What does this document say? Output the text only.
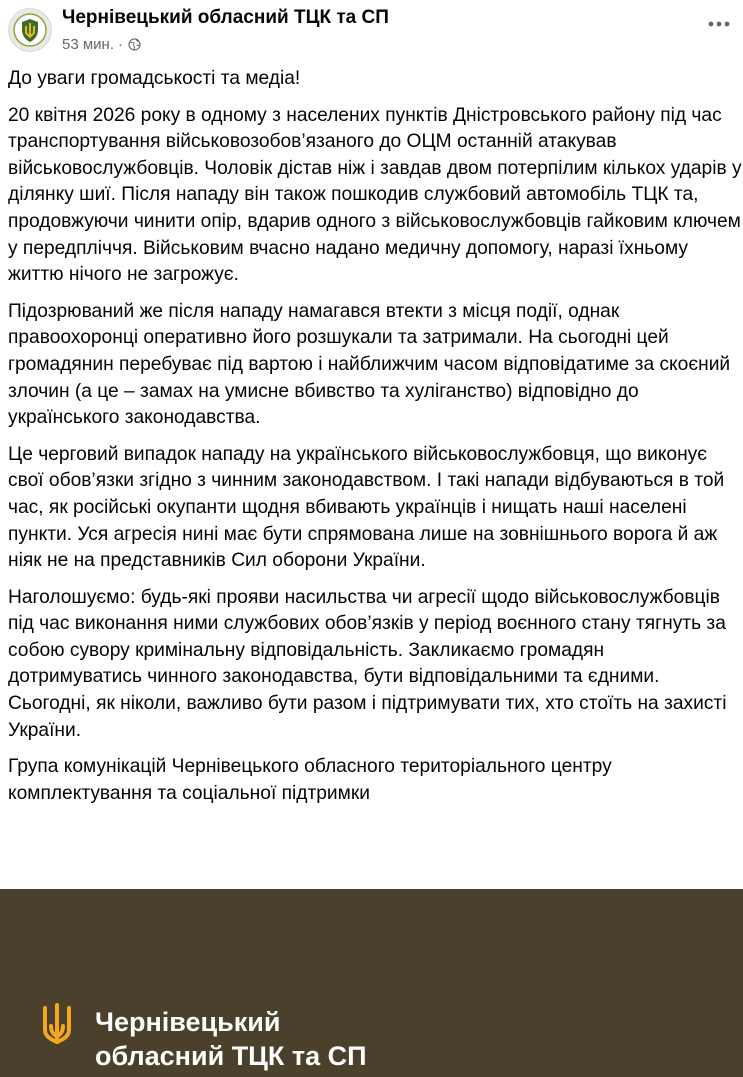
Чернівецький обласний ТЦК та СП
53 мин. ·

До уваги громадськості та медіа!

20 квітня 2026 року в одному з населених пунктів Дністровського району під час транспортування військовозобов’язаного до ОЦМ останній атакував військовослужбовців. Чоловік дістав ніж і завдав двом потерпілим кількох ударів у ділянку шиї. Після нападу він також пошкодив службовий автомобіль ТЦК та, продовжуючи чинити опір, вдарив одного з військовослужбовців гайковим ключем у передпліччя. Військовим вчасно надано медичну допомогу, наразі їхньому життю нічого не загрожує.

Підозрюваний же після нападу намагався втекти з місця події, однак правоохоронці оперативно його розшукали та затримали. На сьогодні цей громадянин перебуває під вартою і найближчим часом відповідатиме за скоєний злочин (а це – замах на умисне вбивство та хуліганство) відповідно до українського законодавства.

Це черговий випадок нападу на українського військовослужбовця, що виконує свої обов’язки згідно з чинним законодавством. І такі напади відбуваються в той час, як російські окупанти щодня вбивають українців і нищать наші населені пункти. Уся агресія нині має бути спрямована лише на зовнішнього ворога й аж ніяк не на представників Сил оборони України.

Наголошуємо: будь-які прояви насильства чи агресії щодо військовослужбовців під час виконання ними службових обов’язків у період воєнного стану тягнуть за собою сувору кримінальну відповідальність. Закликаємо громадян дотримуватись чинного законодавства, бути відповідальними та єдними. Сьогодні, як ніколи, важливо бути разом і підтримувати тих, хто стоїть на захисті України.

Група комунікацій Чернівецького обласного територіального центру комплектування та соціальної підтримки

Чернівецький
обласний ТЦК та СП
